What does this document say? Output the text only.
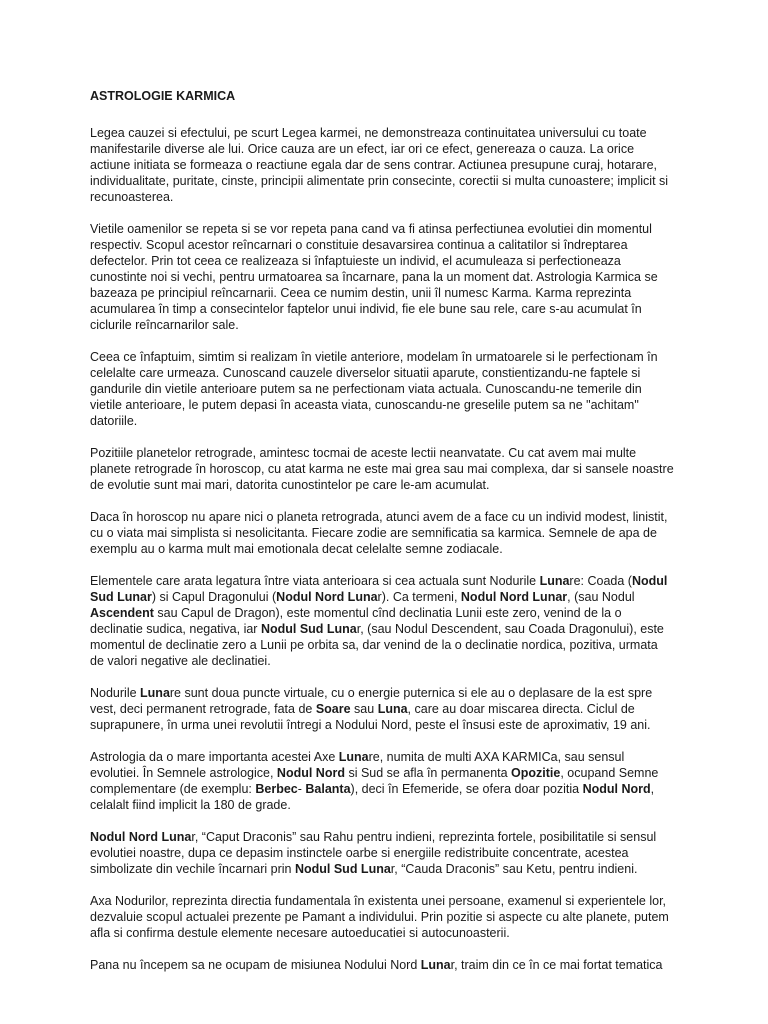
ASTROLOGIE KARMICA
Legea cauzei si efectului, pe scurt Legea karmei, ne demonstreaza continuitatea universului cu toate
manifestarile diverse ale lui. Orice cauza are un efect, iar ori ce efect, genereaza o cauza. La orice
actiune initiata se formeaza o reactiune egala dar de sens contrar. Actiunea presupune curaj, hotarare,
individualitate, puritate, cinste, principii alimentate prin consecinte, corectii si multa cunoastere; implicit si
recunoasterea.
Vietile oamenilor se repeta si se vor repeta pana cand va fi atinsa perfectiunea evolutiei din momentul
respectiv. Scopul acestor reîncarnari o constituie desavarsirea continua a calitatilor si îndreptarea
defectelor. Prin tot ceea ce realizeaza si înfaptuieste un individ, el acumuleaza si perfectioneaza
cunostinte noi si vechi, pentru urmatoarea sa încarnare, pana la un moment dat. Astrologia Karmica se
bazeaza pe principiul reîncarnarii. Ceea ce numim destin, unii îl numesc Karma. Karma reprezinta
acumularea în timp a consecintelor faptelor unui individ, fie ele bune sau rele, care s-au acumulat în
ciclurile reîncarnarilor sale.
Ceea ce înfaptuim, simtim si realizam în vietile anteriore, modelam în urmatoarele si le perfectionam în
celelalte care urmeaza. Cunoscand cauzele diverselor situatii aparute, constientizandu-ne faptele si
gandurile din vietile anterioare putem sa ne perfectionam viata actuala. Cunoscandu-ne temerile din
vietile anterioare, le putem depasi în aceasta viata, cunoscandu-ne greselile putem sa ne "achitam"
datoriile.
Pozitiile planetelor retrograde, amintesc tocmai de aceste lectii neanvatate. Cu cat avem mai multe
planete retrograde în horoscop, cu atat karma ne este mai grea sau mai complexa, dar si sansele noastre
de evolutie sunt mai mari, datorita cunostintelor pe care le-am acumulat.
Daca în horoscop nu apare nici o planeta retrograda, atunci avem de a face cu un individ modest, linistit,
cu o viata mai simplista si nesolicitanta. Fiecare zodie are semnificatia sa karmica. Semnele de apa de
exemplu au o karma mult mai emotionala decat celelalte semne zodiacale.
Elementele care arata legatura între viata anterioara si cea actuala sunt Nodurile Lunare: Coada (Nodul
Sud Lunar) si Capul Dragonului (Nodul Nord Lunar). Ca termeni, Nodul Nord Lunar, (sau Nodul
Ascendent sau Capul de Dragon), este momentul cînd declinatia Lunii este zero, venind de la o
declinatie sudica, negativa, iar Nodul Sud Lunar, (sau Nodul Descendent, sau Coada Dragonului), este
momentul de declinatie zero a Lunii pe orbita sa, dar venind de la o declinatie nordica, pozitiva, urmata
de valori negative ale declinatiei.
Nodurile Lunare sunt doua puncte virtuale, cu o energie puternica si ele au o deplasare de la est spre
vest, deci permanent retrograde, fata de Soare sau Luna, care au doar miscarea directa. Ciclul de
suprapunere, în urma unei revolutii întregi a Nodului Nord, peste el însusi este de aproximativ, 19 ani.
Astrologia da o mare importanta acestei Axe Lunare, numita de multi AXA KARMICa, sau sensul
evolutiei. În Semnele astrologice, Nodul Nord si Sud se afla în permanenta Opozitie, ocupand Semne
complementare (de exemplu: Berbec- Balanta), deci în Efemeride, se ofera doar pozitia Nodul Nord,
celalalt fiind implicit la 180 de grade.
Nodul Nord Lunar, “Caput Draconis” sau Rahu pentru indieni, reprezinta fortele, posibilitatile si sensul
evolutiei noastre, dupa ce depasim instinctele oarbe si energiile redistribuite concentrate, acestea
simbolizate din vechile încarnari prin Nodul Sud Lunar, “Cauda Draconis” sau Ketu, pentru indieni.
Axa Nodurilor, reprezinta directia fundamentala în existenta unei persoane, examenul si experientele lor,
dezvaluie scopul actualei prezente pe Pamant a individului. Prin pozitie si aspecte cu alte planete, putem
afla si confirma destule elemente necesare autoeducatiei si autocunoasterii.
Pana nu începem sa ne ocupam de misiunea Nodului Nord Lunar, traim din ce în ce mai fortat tematica
